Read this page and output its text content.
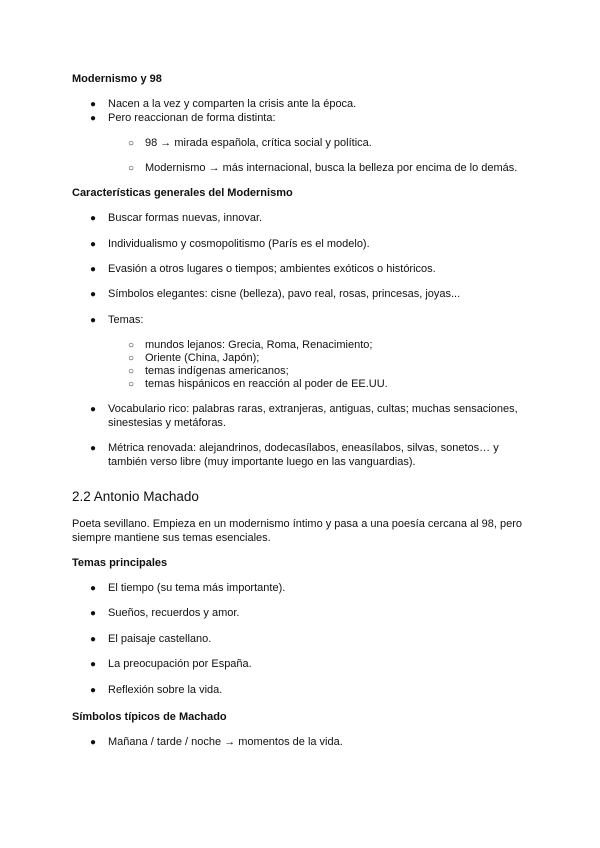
Modernismo y 98
● Nacen a la vez y comparten la crisis ante la época.
● Pero reaccionan de forma distinta:
○ 98 → mirada española, crítica social y política.
○ Modernismo → más internacional, busca la belleza por encima de lo demás.
Características generales del Modernismo
● Buscar formas nuevas, innovar.
● Individualismo y cosmopolitismo (París es el modelo).
● Evasión a otros lugares o tiempos; ambientes exóticos o históricos.
● Símbolos elegantes: cisne (belleza), pavo real, rosas, princesas, joyas...
● Temas:
○ mundos lejanos: Grecia, Roma, Renacimiento;
○ Oriente (China, Japón);
○ temas indígenas americanos;
○ temas hispánicos en reacción al poder de EE.UU.
● Vocabulario rico: palabras raras, extranjeras, antiguas, cultas; muchas sensaciones,
sinestesias y metáforas.
● Métrica renovada: alejandrinos, dodecasílabos, eneasílabos, silvas, sonetos… y
también verso libre (muy importante luego en las vanguardias).
2.2 Antonio Machado
Poeta sevillano. Empieza en un modernismo íntimo y pasa a una poesía cercana al 98, pero
siempre mantiene sus temas esenciales.
Temas principales
● El tiempo (su tema más importante).
● Sueños, recuerdos y amor.
● El paisaje castellano.
● La preocupación por España.
● Reflexión sobre la vida.
Símbolos típicos de Machado
● Mañana / tarde / noche → momentos de la vida.
